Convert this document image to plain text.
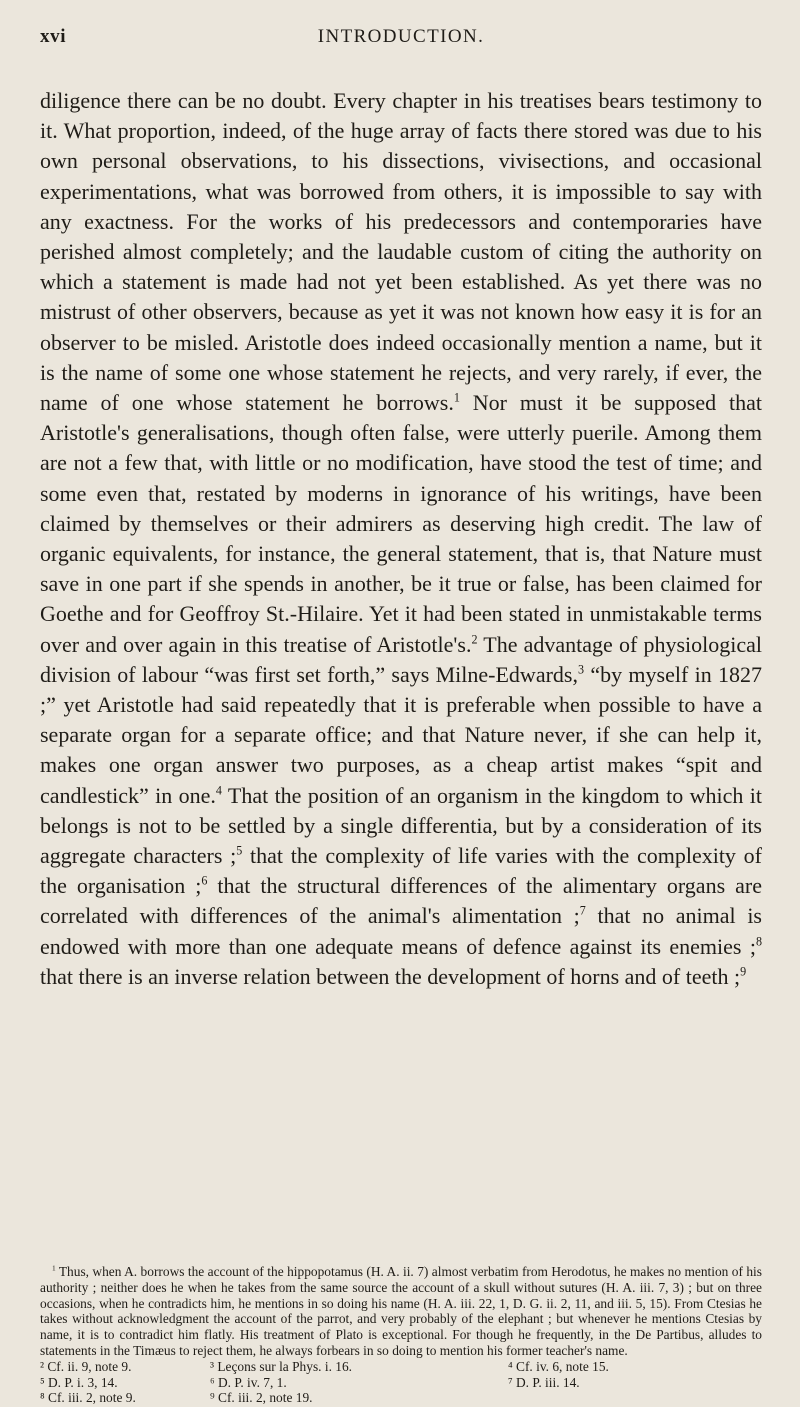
xvi	INTRODUCTION.

diligence there can be no doubt. Every chapter in his treatises bears testimony to it. What proportion, indeed, of the huge array of facts there stored was due to his own personal observations, to his dissections, vivisections, and occasional experimentations, what was borrowed from others, it is impossible to say with any exactness. For the works of his predecessors and contemporaries have perished almost completely; and the laudable custom of citing the authority on which a statement is made had not yet been established. As yet there was no mistrust of other observers, because as yet it was not known how easy it is for an observer to be misled. Aristotle does indeed occasionally mention a name, but it is the name of some one whose statement he rejects, and very rarely, if ever, the name of one whose statement he borrows.$^1$ Nor must it be supposed that Aristotle's generalisations, though often false, were utterly puerile. Among them are not a few that, with little or no modification, have stood the test of time; and some even that, restated by moderns in ignorance of his writings, have been claimed by themselves or their admirers as deserving high credit. The law of organic equivalents, for instance, the general statement, that is, that Nature must save in one part if she spends in another, be it true or false, has been claimed for Goethe and for Geoffroy St.-Hilaire. Yet it had been stated in unmistakable terms over and over again in this treatise of Aristotle's.$^2$ The advantage of physiological division of labour “was first set forth,” says Milne-Edwards,$^3$ “by myself in 1827 ;” yet Aristotle had said repeatedly that it is preferable when possible to have a separate organ for a separate office; and that Nature never, if she can help it, makes one organ answer two purposes, as a cheap artist makes “spit and candlestick” in one.$^4$ That the position of an organism in the kingdom to which it belongs is not to be settled by a single differentia, but by a consideration of its aggregate characters ;$^5$ that the complexity of life varies with the complexity of the organisation ;$^6$ that the structural differences of the alimentary organs are correlated with differences of the animal's alimentation ;$^7$ that no animal is endowed with more than one adequate means of defence against its enemies ;$^8$ that there is an inverse relation between the development of horns and of teeth ;$^9$

$^1$ Thus, when A. borrows the account of the hippopotamus (H. A. ii. 7) almost verbatim from Herodotus, he makes no mention of his authority ; neither does he when he takes from the same source the account of a skull without sutures (H. A. iii. 7, 3) ; but on three occasions, when he contradicts him, he mentions in so doing his name (H. A. iii. 22, 1, D. G. ii. 2, 11, and iii. 5, 15). From Ctesias he takes without acknowledgment the account of the parrot, and very probably of the elephant ; but whenever he mentions Ctesias by name, it is to contradict him flatly. His treatment of Plato is exceptional. For though he frequently, in the De Partibus, alludes to statements in the Timæus to reject them, he always forbears in so doing to mention his former teacher's name.

² Cf. ii. 9, note 9.	³ Leçons sur la Phys. i. 16.	⁴ Cf. iv. 6, note 15.
⁵ D. P. i. 3, 14.	⁶ D. P. iv. 7, 1.	⁷ D. P. iii. 14.
⁸ Cf. iii. 2, note 9.	⁹ Cf. iii. 2, note 19.
